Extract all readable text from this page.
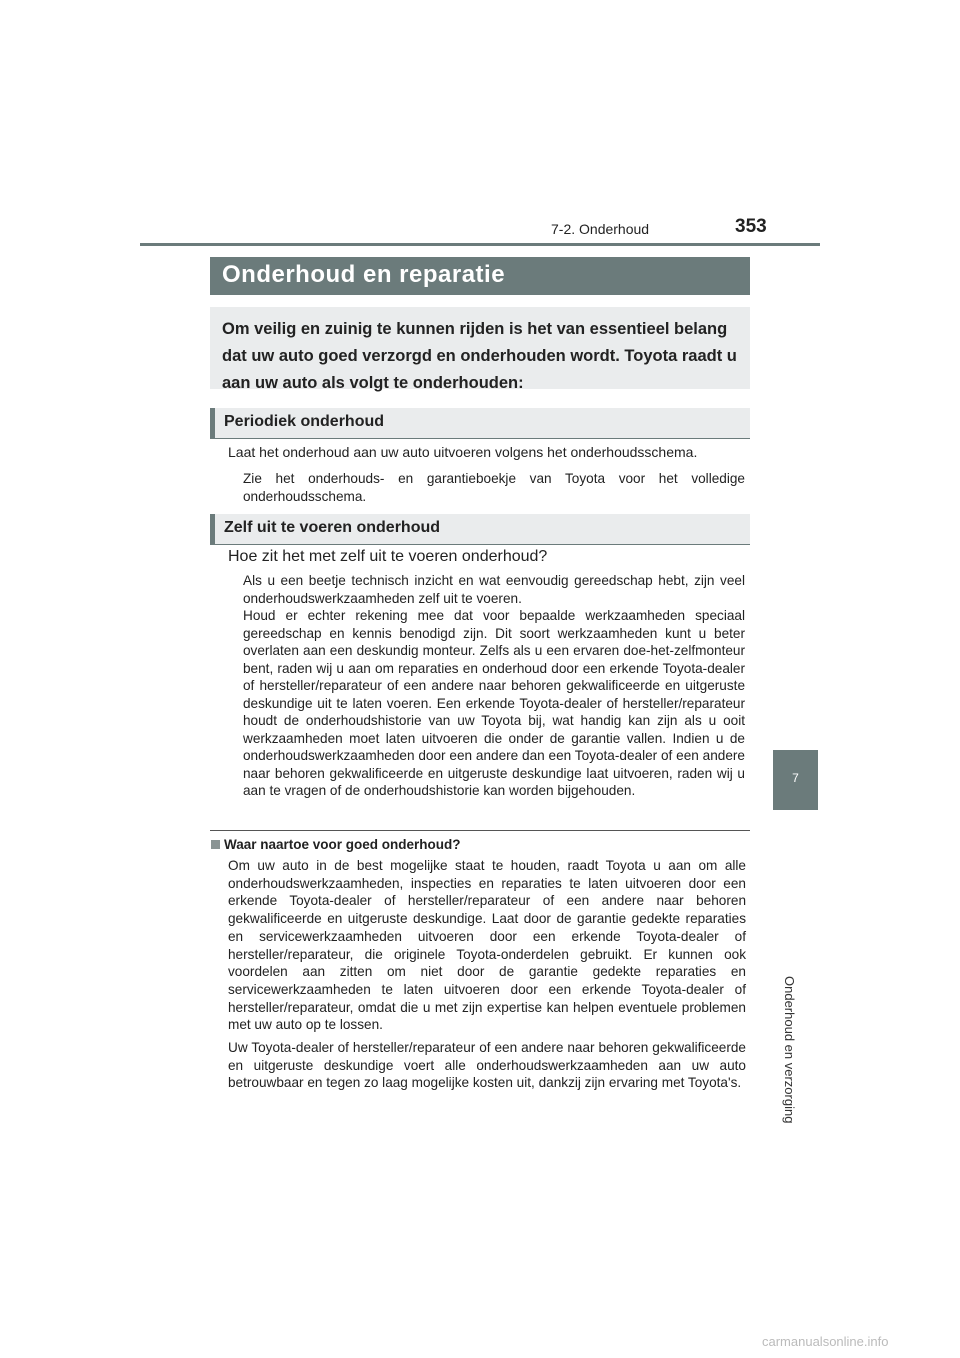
7-2. Onderhoud	353
7
Onderhoud en verzorging
Onderhoud en reparatie

Om veilig en zuinig te kunnen rijden is het van essentieel belang dat uw auto goed verzorgd en onderhouden wordt. Toyota raadt u aan uw auto als volgt te onderhouden:

Periodiek onderhoud
Laat het onderhoud aan uw auto uitvoeren volgens het onderhoudsschema.

Zie het onderhouds- en garantieboekje van Toyota voor het volledige onderhoudsschema.

Zelf uit te voeren onderhoud
Hoe zit het met zelf uit te voeren onderhoud?

Als u een beetje technisch inzicht en wat eenvoudig gereedschap hebt, zijn veel onderhoudswerkzaamheden zelf uit te voeren.

Houd er echter rekening mee dat voor bepaalde werkzaamheden speciaal gereedschap en kennis benodigd zijn. Dit soort werkzaamheden kunt u beter overlaten aan een deskundig monteur. Zelfs als u een ervaren doe-het-zelfmonteur bent, raden wij u aan om reparaties en onderhoud door een erkende Toyota-dealer of hersteller/reparateur of een andere naar behoren gekwalificeerde en uitgeruste deskundige uit te laten voeren. Een erkende Toyota-dealer of hersteller/reparateur houdt de onderhoudshistorie van uw Toyota bij, wat handig kan zijn als u ooit werkzaamheden moet laten uitvoeren die onder de garantie vallen. Indien u de onderhoudswerkzaamheden door een andere dan een Toyota-dealer of een andere naar behoren gekwalificeerde en uitgeruste deskundige laat uitvoeren, raden wij u aan te vragen of de onderhoudshistorie kan worden bijgehouden.

Waar naartoe voor goed onderhoud?

Om uw auto in de best mogelijke staat te houden, raadt Toyota u aan om alle onderhoudswerkzaamheden, inspecties en reparaties te laten uitvoeren door een erkende Toyota-dealer of hersteller/reparateur of een andere naar behoren gekwalificeerde en uitgeruste deskundige. Laat door de garantie gedekte reparaties en servicewerkzaamheden uitvoeren door een erkende Toyota-dealer of hersteller/reparateur, die originele Toyota-onderdelen gebruikt. Er kunnen ook voordelen aan zitten om niet door de garantie gedekte reparaties en servicewerkzaamheden te laten uitvoeren door een erkende Toyota-dealer of hersteller/reparateur, omdat die u met zijn expertise kan helpen eventuele problemen met uw auto op te lossen.

Uw Toyota-dealer of hersteller/reparateur of een andere naar behoren gekwalificeerde en uitgeruste deskundige voert alle onderhoudswerkzaamheden aan uw auto betrouwbaar en tegen zo laag mogelijke kosten uit, dankzij zijn ervaring met Toyota's.

carmanualsonline.info
